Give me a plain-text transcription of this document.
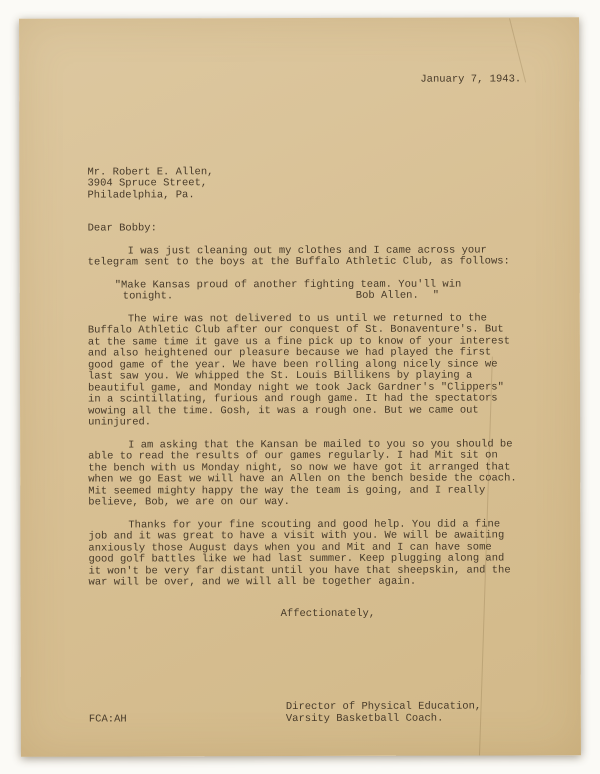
January 7, 1943.
Mr. Robert E. Allen,
3904 Spruce Street,
Philadelphia, Pa.
Dear Bobby:

I was just cleaning out my clothes and I came across your telegram sent to the boys at the Buffalo Athletic Club, as follows:

"Make Kansas proud of another fighting team. You'll win
tonight.	Bob Allen. "

The wire was not delivered to us until we returned to the Buffalo Athletic Club after our conquest of St. Bonaventure's. But at the same time it gave us a fine pick up to know of your interest and also heightened our pleasure because we had played the first good game of the year. We have been rolling along nicely since we last saw you. We whipped the St. Louis Billikens by playing a beautiful game, and Monday night we took Jack Gardner's "Clippers" in a scintillating, furious and rough game. It had the spectators wowing all the time. Gosh, it was a rough one. But we came out uninjured.

I am asking that the Kansan be mailed to you so you should be able to read the results of our games regularly. I had Mit sit on the bench with us Monday night, so now we have got it arranged that when we go East we will have an Allen on the bench beside the coach. Mit seemed mighty happy the way the team is going, and I really believe, Bob, we are on our way.

Thanks for your fine scouting and good help. You did a fine job and it was great to have a visit with you. We will be awaiting anxiously those August days when you and Mit and I can have some good golf battles like we had last summer. Keep plugging along and it won't be very far distant until you have that sheepskin, and the war will be over, and we will all be together again.

Affectionately,
FCA:AH
Director of Physical Education,
Varsity Basketball Coach.
